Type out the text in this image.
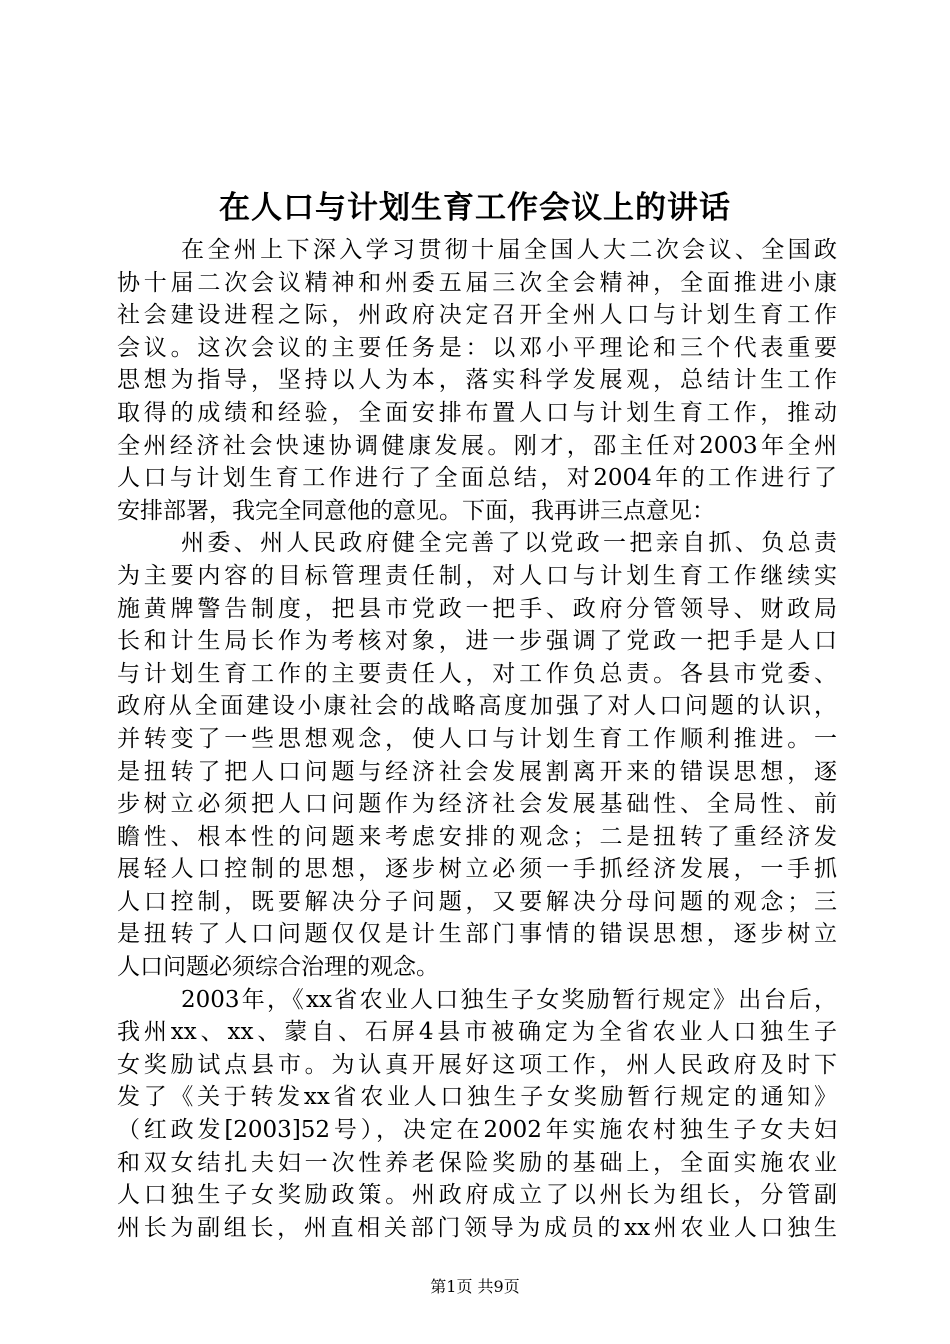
在人口与计划生育工作会议上的讲话
在全州上下深入学习贯彻十届全国人大二次会议、全国政
协十届二次会议精神和州委五届三次全会精神，全面推进小康
社会建设进程之际，州政府决定召开全州人口与计划生育工作
会议。这次会议的主要任务是：以邓小平理论和三个代表重要
思想为指导，坚持以人为本，落实科学发展观，总结计生工作
取得的成绩和经验，全面安排布置人口与计划生育工作，推动
全州经济社会快速协调健康发展。刚才，邵主任对2003年全州
人口与计划生育工作进行了全面总结，对2004年的工作进行了
安排部署，我完全同意他的意见。下面，我再讲三点意见：
州委、州人民政府健全完善了以党政一把亲自抓、负总责
为主要内容的目标管理责任制，对人口与计划生育工作继续实
施黄牌警告制度，把县市党政一把手、政府分管领导、财政局
长和计生局长作为考核对象，进一步强调了党政一把手是人口
与计划生育工作的主要责任人，对工作负总责。各县市党委、
政府从全面建设小康社会的战略高度加强了对人口问题的认识，
并转变了一些思想观念，使人口与计划生育工作顺利推进。一
是扭转了把人口问题与经济社会发展割离开来的错误思想，逐
步树立必须把人口问题作为经济社会发展基础性、全局性、前
瞻性、根本性的问题来考虑安排的观念；二是扭转了重经济发
展轻人口控制的思想，逐步树立必须一手抓经济发展，一手抓
人口控制，既要解决分子问题，又要解决分母问题的观念；三
是扭转了人口问题仅仅是计生部门事情的错误思想，逐步树立
人口问题必须综合治理的观念。
2003年，《xx省农业人口独生子女奖励暂行规定》出台后，
我州xx、xx、蒙自、石屏4县市被确定为全省农业人口独生子
女奖励试点县市。为认真开展好这项工作，州人民政府及时下
发了《关于转发xx省农业人口独生子女奖励暂行规定的通知》
（红政发[2003]52号），决定在2002年实施农村独生子女夫妇
和双女结扎夫妇一次性养老保险奖励的基础上，全面实施农业
人口独生子女奖励政策。州政府成立了以州长为组长，分管副
州长为副组长，州直相关部门领导为成员的xx州农业人口独生
第1页 共9页
